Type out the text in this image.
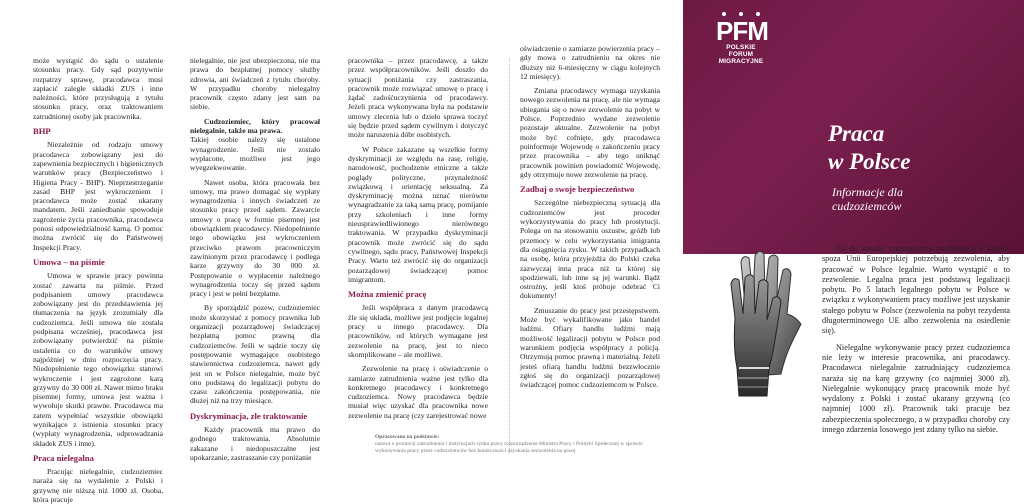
może wystąpić do sądu o ustalenie stosunku pracy. Gdy sąd pozytywnie rozpatrzy sprawę, pracodawca musi zapłacić zaległe składki ZUS i inne należności, które przysługują z tytułu stosunku pracy, oraz traktowaniem zatrudnionej osoby jak pracownika.

BHP

Niezależnie od rodzaju umowy pracodawca zobowiązany jest do zapewnienia bezpiecznych i higienicznych warunków pracy (Bezpieczeństwo i Higiena Pracy - BHP). Nieprzestrzeganie zasad BHP jest wykroczeniem i pracodawca może zostać ukarany mandatem. Jeśli zaniedbanie spowoduje zagrożenie życia pracownika, pracodawca ponosi odpowiedzialność karną. O pomoc można zwrócić się do Państwowej Inspekcji Pracy.

Umowa – na piśmie

Umowa w sprawie pracy powinna zostać zawarta na piśmie. Przed podpisaniem umowy pracodawca zobowiązany jest do przedstawienia jej tłumaczenia na język zrozumiały dla cudzoziemca. Jeśli umowa nie została podpisana wcześniej, pracodawca jest zobowiązany potwierdzić na piśmie ustalenia co do warunków umowy najpóźniej w dniu rozpoczęcia pracy. Niedopełnienie tego obowiązku stanowi wykroczenie i jest zagrożone karą grzywny do 30 000 zł. Nawet mimo braku pisemnej formy, umowa jest ważna i wywołuje skutki prawne. Pracodawca ma zatem wypełniać wszystkie obowiązki wynikające z istnienia stosunku pracy (wypłaty wynagrodzenia, odprowadzania składek ZUS i inne).

Praca nielegalna

Pracując nielegalnie, cudzoziemiec naraża się na wydalenie z Polski i grzywnę nie niższą niż 1000 zł. Osoba, która pracuje

nielegalnie, nie jest ubezpieczona, nie ma prawa do bezpłatnej pomocy służby zdrowia, ani świadczeń z tytułu choroby. W przypadku choroby nielegalny pracownik często zdany jest sam na siebie.

Cudzoziemiec, który pracował nielegalnie, także ma prawa.

Takiej osobie należy się ustalone wynagrodzenie. Jeśli nie zostało wypłacone, możliwe jest jego wyegzekwowanie.

Nawet osoba, która pracowała bez umowy, ma prawo domagać się wypłaty wynagrodzenia i innych świadczeń ze stosunku pracy przed sądem. Zawarcie umowy o pracę w formie pisemnej jest obowiązkiem pracodawcy. Niedopełnienie tego obowiązku jest wykroczeniem przeciwko prawom pracowniczym zawinionym przez pracodawcę i podlega karze grzywny do 30 000 zł. Postępowanie o wypłacenie należnego wynagrodzenia toczy się przed sądem pracy i jest w pełni bezpłatne.

By sporządzić pozew, cudzoziemiec może skorzystać z pomocy prawnika lub organizacji pozarządowej świadczącej bezpłatną pomoc prawną dla cudzoziemców. Jeśli w sądzie toczy się postępowanie wymagające osobistego stawiennictwa cudzoziemca, nawet gdy jest on w Polsce nielegalnie, może być ono podstawą do legalizacji pobytu do czasu zakończenia postępowania, nie dłużej niż na trzy miesiące.

Dyskryminacja, złe traktowanie

Każdy pracownik ma prawo do godnego traktowania. Absolutnie zakazane i niedopuszczalne jest upokarzanie, zastraszanie czy poniżanie

pracownika – przez pracodawcę, a także przez współpracowników. Jeśli doszło do sytuacji poniżania czy zastraszania, pracownik może rozwiązać umowę o pracę i żądać zadośćuczynienia od pracodawcy. Jeżeli praca wykonywana była na podstawie umowy zlecenia lub o dzieło sprawa toczyć się będzie przed sądem cywilnym i dotyczyć może naruszenia dóbr osobistych.

W Polsce zakazane są wszelkie formy dyskryminacji ze względu na rasę, religię, narodowość, pochodzenie etniczne a także poglądy polityczne, przynależność związkową i orientację seksualną. Za dyskryminację można uznać nierówne wynagradzanie za taką samą pracę, pomijanie przy szkoleniach i inne formy nieusprawiedliwionego nierównego traktowania. W przypadku dyskryminacji pracownik może zwrócić się do sądu cywilnego, sądu pracy, Państwowej Inspekcji Pracy. Warto też zwrócić się do organizacji pozarządowej świadczącej pomoc imigrantom.

Można zmienić pracę

Jeśli współpraca z danym pracodawcą źle się układa, możliwe jest podjęcie legalnej pracy u innego pracodawcy. Dla pracowników, od których wymagane jest zezwolenie na pracę, jest to nieco skomplikowane – ale możliwe.

Zezwolenie na pracę i oświadczenie o zamiarze zatrudnienia ważne jest tylko dla konkretnego pracodawcy i konkretnego cudzoziemca. Nowy pracodawca będzie musiał więc uzyskać dla pracownika nowe zezwolenie na pracę (czy zarejestrować nowe

oświadczenie o zamiarze powierzenia pracy – gdy mowa o zatrudnieniu na okres nie dłuższy niż 6-miesięczny w ciągu kolejnych 12 miesięcy).

Zmiana pracodawcy wymaga uzyskania nowego zezwolenia na pracę, ale nie wymaga ubiegania się o nowe zezwolenie na pobyt w Polsce. Poprzednio wydane zezwolenie pozostaje aktualne. Zezwolenie na pobyt może być cofnięte, gdy pracodawca poinformuje Wojewodę o zakończeniu pracy przez pracownika – aby tego uniknąć pracownik powinien powiadomić Wojewodę, gdy otrzymuje nowe zezwolenie na pracę.

Zadbaj o swoje bezpieczeństwo

Szczególne niebezpieczną sytuacją dla cudzoziemców jest proceder wykorzystywania do pracy lub prostytucji. Polega on na stosowaniu oszustw, gróźb lub przemocy w celu wykorzystania imigranta dla osiągnięcia zysku. W takich przypadkach na osobę, która przyjeżdża do Polski czeka zazwyczaj inna praca niż ta której się spodziewali, lub inne są jej warunki. Bądź ostrożny, jeśli ktoś próbuje odebrać Ci dokumenty!

Zmuszanie do pracy jest przestępstwem. Może być wykalifikowane jako handel ludźmi. Ofiary handlu ludźmi mają możliwość legalizacji pobytu w Polsce pod warunkiem podjęcia współpracy z policją. Otrzymują pomoc prawną i materialną. Jeżeli jesteś ofiarą handlu ludźmi bezzwłocznie zgłoś się do organizacji pozarządowej świadczącej pomoc cudzoziemcom w Polsce.

Opracowano na podstawie:
ustawa o promocji zatrudnienia i instytucjach rynku pracy rozporządzenie Ministra Pracy i Polityki Społecznej w sprawie wykonywania pracy przez cudzoziemców bez konieczności uzyskania zezwolenia na pracę
PFM
POLSKIE FORUM
MIGRACYJNE
Praca
w Polsce
Informacje dla
cudzoziemców

Co do zasady, cudzoziemcy pochodzący z krajów spoza Unii Europejskiej potrzebują zezwolenia, aby pracować w Polsce legalnie. Warto wystąpić o to zezwolenie. Legalna praca jest podstawą legalizacji pobytu. Po 5 latach legalnego pobytu w Polsce w związku z wykonywaniem pracy możliwe jest uzyskanie stałego pobytu w Polsce (zezwolenia na pobyt rezydenta długoterminowego UE albo zezwolenia na osiedlenie się).

Nielegalne wykonywanie pracy przez cudzoziemca nie leży w interesie pracownika, ani pracodawcy. Pracodawca nielegalnie zatrudniający cudzoziemca naraża się na karę grzywny (co najmniej 3000 zł). Nielegalnie wykonujący pracę pracownik może być wydalony z Polski i zostać ukarany grzywną (co najmniej 1000 zł). Pracownik taki pracuje bez zabezpieczenia społecznego, a w przypadku choroby czy innego zdarzenia losowego jest zdany tylko na siebie.
